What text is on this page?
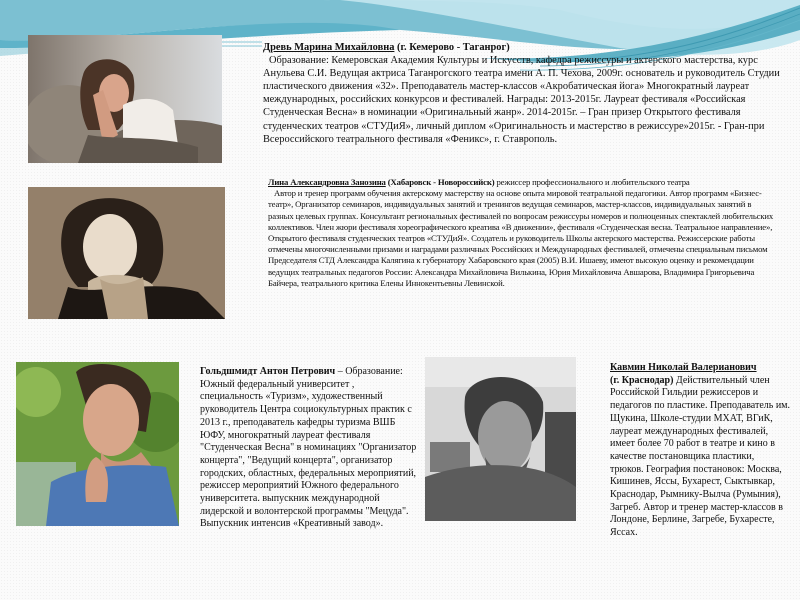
Древь Марина Михайловна (г. Кемерово - Таганрог)
Образование: Кемеровская Академия Культуры и Искусств, кафедра режиссуры и актерского мастерства, курс Анульева С.И. Ведущая актриса Таганрогского театра имени А. П. Чехова, 2009г. основатель и руководитель Студии пластического движения «32». Преподаватель мастер-классов «Акробатическая йога» Многократный лауреат международных, российских конкурсов и фестивалей. Награды: 2013-2015г. Лауреат фестиваля «Российская Студенческая Весна» в номинации «Оригинальный жанр». 2014-2015г. – Гран призер Открытого фестиваля студенческих театров «СТУДиЯ», личный диплом «Оригинальность и мастерство в режиссуре»2015г. - Гран-при Всероссийского театрального фестиваля «Феникс», г. Ставрополь.
Лина Александровна Занозина (Хабаровск - Новороссийск) режиссер профессионального и любительского театра
Автор и тренер программ обучения актерскому мастерству на основе опыта мировой театральной педагогики. Автор программ «Бизнес-театр», Организатор семинаров, индивидуальных занятий и тренингов ведущая семинаров, мастер-классов, индивидуальных занятий в разных целевых группах. Консультант региональных фестивалей по вопросам режиссуры номеров и полноценных спектаклей любительских коллективов. Член жюри фестиваля хореографического креатива «В движении», фестиваля «Студенческая весна. Театральное направление», Открытого фестиваля студенческих театров «СТУДиЯ». Создатель и руководитель Школы актерского мастерства. Режиссерские работы отмечены многочисленными призами и наградами различных Российских и Международных фестивалей, отмечены специальным письмом Председателя СТД Александра Калягина к губернатору Хабаровского края (2005) В.И. Ишаеву, имеют высокую оценку и рекомендации ведущих театральных педагогов России: Александра Михайловича Вилькина, Юрия Михайловича Авшарова, Владимира Григорьевича Байчера, театрального критика Елены Иннокентьевны Левинской.
Гольдшмидт Антон Петрович – Образование: Южный федеральный университет , специальность «Туризм», художественный руководитель Центра социокультурных практик с 2013 г., преподаватель кафедры туризма ВШБ ЮФУ, многократный лауреат фестиваля "Студенческая Весна" в номинациях "Организатор концерта", "Ведущий концерта", организатор городских, областных, федеральных мероприятий, режиссер мероприятий Южного федерального университета. выпускник международной лидерской и волонтерской программы "Мецуда". Выпускник интенсив «Креативный завод».
Кавмин Николай Валерианович
(г. Краснодар) Действительный член Российской Гильдии режиссеров и педагогов по пластике. Преподаватель им. Щукина, Школе-студии МХАТ, ВГиК, лауреат международных фестивалей, имеет более 70 работ в театре и кино в качестве постановщика пластики, трюков. География постановок: Москва, Кишинев, Яссы, Бухарест, Сыктывкар, Краснодар, Рымнику-Вылча (Румыния), Загреб. Автор и тренер мастер-классов в Лондоне, Берлине, Загребе, Бухаресте, Яссах.
